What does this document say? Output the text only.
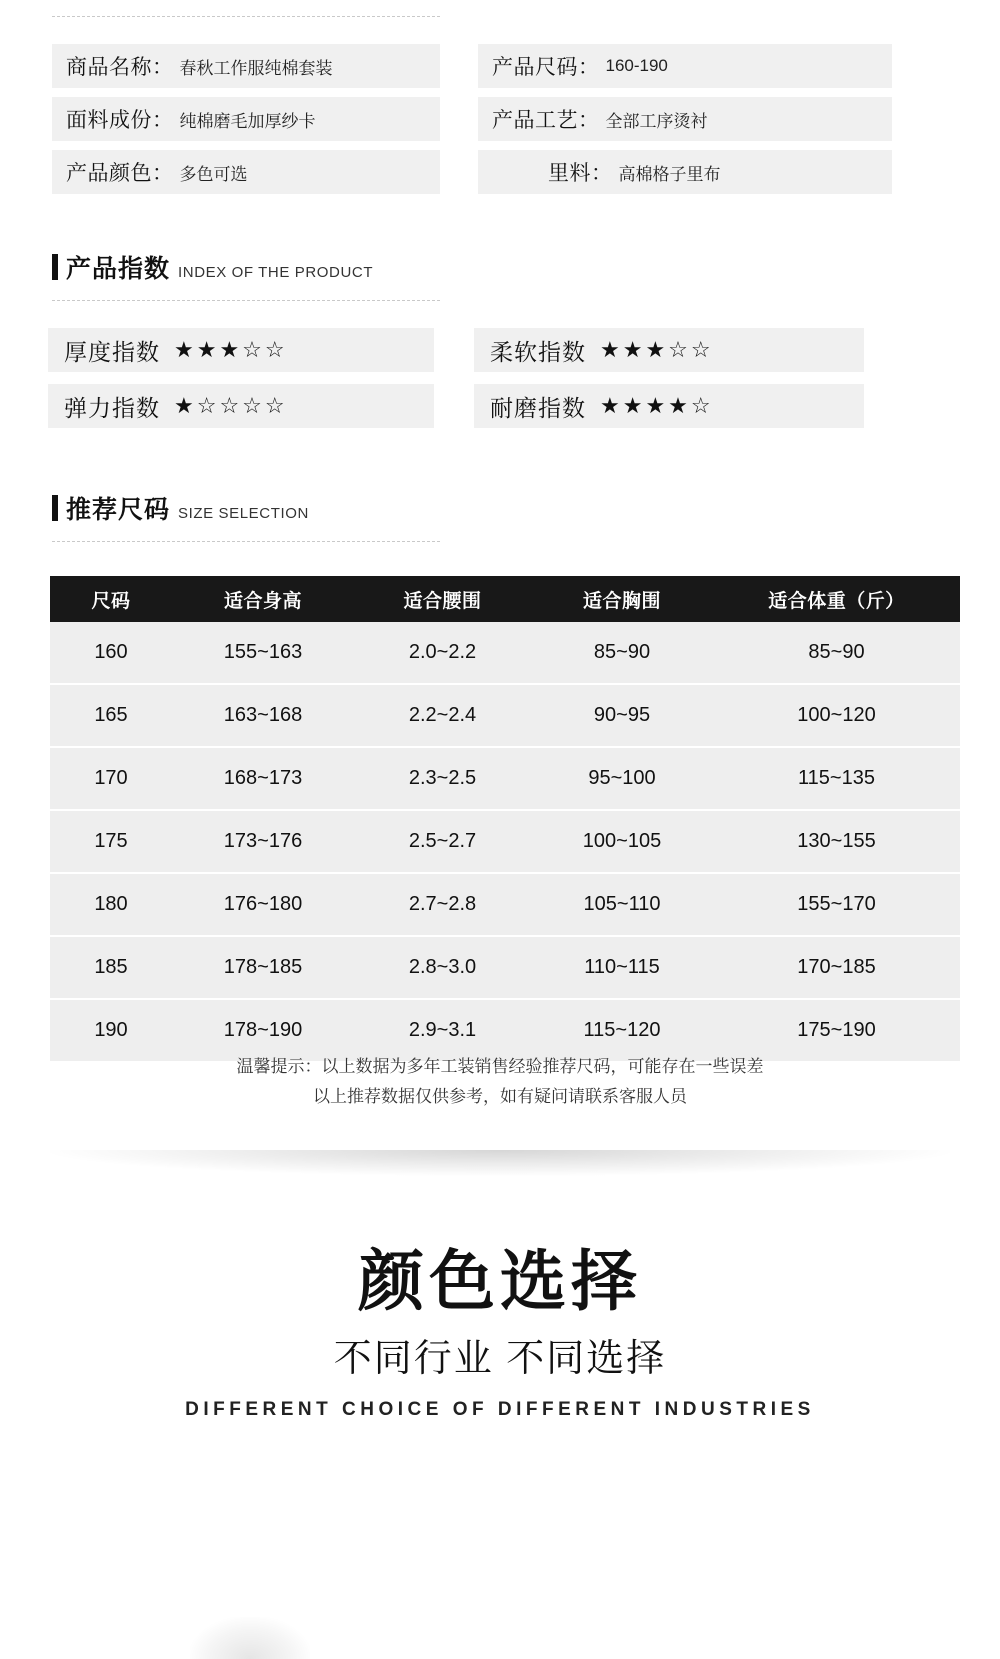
商品名称： 春秋工作服纯棉套装	产品尺码： 160-190
面料成份： 纯棉磨毛加厚纱卡	产品工艺： 全部工序烫衬
产品颜色： 多色可选	里料： 高棉格子里布
产品指数 INDEX OF THE PRODUCT
厚度指数 ★★★☆☆	柔软指数 ★★★☆☆
弹力指数 ★☆☆☆☆	耐磨指数 ★★★★☆
推荐尺码 SIZE SELECTION
尺码	适合身高	适合腰围	适合胸围	适合体重（斤）
160	155~163	2.0~2.2	85~90	85~90
165	163~168	2.2~2.4	90~95	100~120
170	168~173	2.3~2.5	95~100	115~135
175	173~176	2.5~2.7	100~105	130~155
180	176~180	2.7~2.8	105~110	155~170
185	178~185	2.8~3.0	110~115	170~185
190	178~190	2.9~3.1	115~120	175~190
温馨提示：以上数据为多年工装销售经验推荐尺码，可能存在一些误差
以上推荐数据仅供参考，如有疑问请联系客服人员
颜色选择
不同行业 不同选择
DIFFERENT CHOICE OF DIFFERENT INDUSTRIES
